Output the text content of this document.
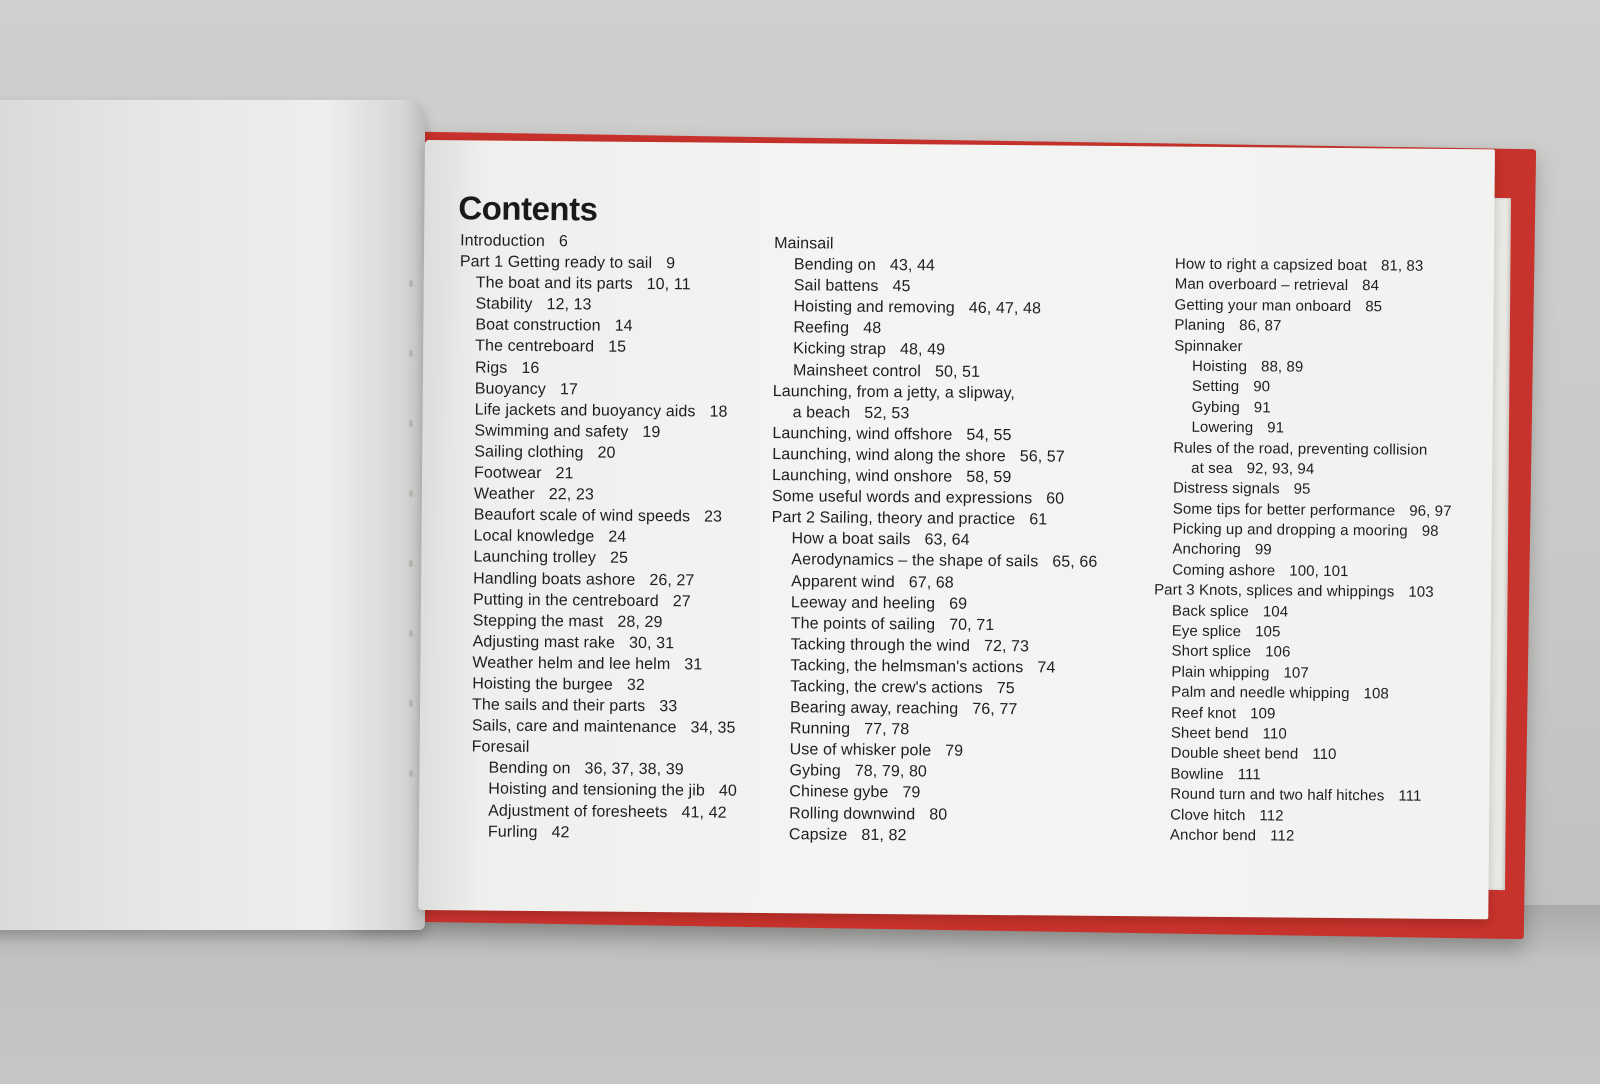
Contents
Introduction 6
Part 1 Getting ready to sail 9
The boat and its parts 10, 11
Stability 12, 13
Boat construction 14
The centreboard 15
Rigs 16
Buoyancy 17
Life jackets and buoyancy aids 18
Swimming and safety 19
Sailing clothing 20
Footwear 21
Weather 22, 23
Beaufort scale of wind speeds 23
Local knowledge 24
Launching trolley 25
Handling boats ashore 26, 27
Putting in the centreboard 27
Stepping the mast 28, 29
Adjusting mast rake 30, 31
Weather helm and lee helm 31
Hoisting the burgee 32
The sails and their parts 33
Sails, care and maintenance 34, 35
Foresail
Bending on 36, 37, 38, 39
Hoisting and tensioning the jib 40
Adjustment of foresheets 41, 42
Furling 42
Mainsail
Bending on 43, 44
Sail battens 45
Hoisting and removing 46, 47, 48
Reefing 48
Kicking strap 48, 49
Mainsheet control 50, 51
Launching, from a jetty, a slipway,
a beach 52, 53
Launching, wind offshore 54, 55
Launching, wind along the shore 56, 57
Launching, wind onshore 58, 59
Some useful words and expressions 60
Part 2 Sailing, theory and practice 61
How a boat sails 63, 64
Aerodynamics – the shape of sails 65, 66
Apparent wind 67, 68
Leeway and heeling 69
The points of sailing 70, 71
Tacking through the wind 72, 73
Tacking, the helmsman's actions 74
Tacking, the crew's actions 75
Bearing away, reaching 76, 77
Running 77, 78
Use of whisker pole 79
Gybing 78, 79, 80
Chinese gybe 79
Rolling downwind 80
Capsize 81, 82
How to right a capsized boat 81, 83
Man overboard – retrieval 84
Getting your man onboard 85
Planing 86, 87
Spinnaker
Hoisting 88, 89
Setting 90
Gybing 91
Lowering 91
Rules of the road, preventing collision
at sea 92, 93, 94
Distress signals 95
Some tips for better performance 96, 97
Picking up and dropping a mooring 98
Anchoring 99
Coming ashore 100, 101
Part 3 Knots, splices and whippings 103
Back splice 104
Eye splice 105
Short splice 106
Plain whipping 107
Palm and needle whipping 108
Reef knot 109
Sheet bend 110
Double sheet bend 110
Bowline 111
Round turn and two half hitches 111
Clove hitch 112
Anchor bend 112
